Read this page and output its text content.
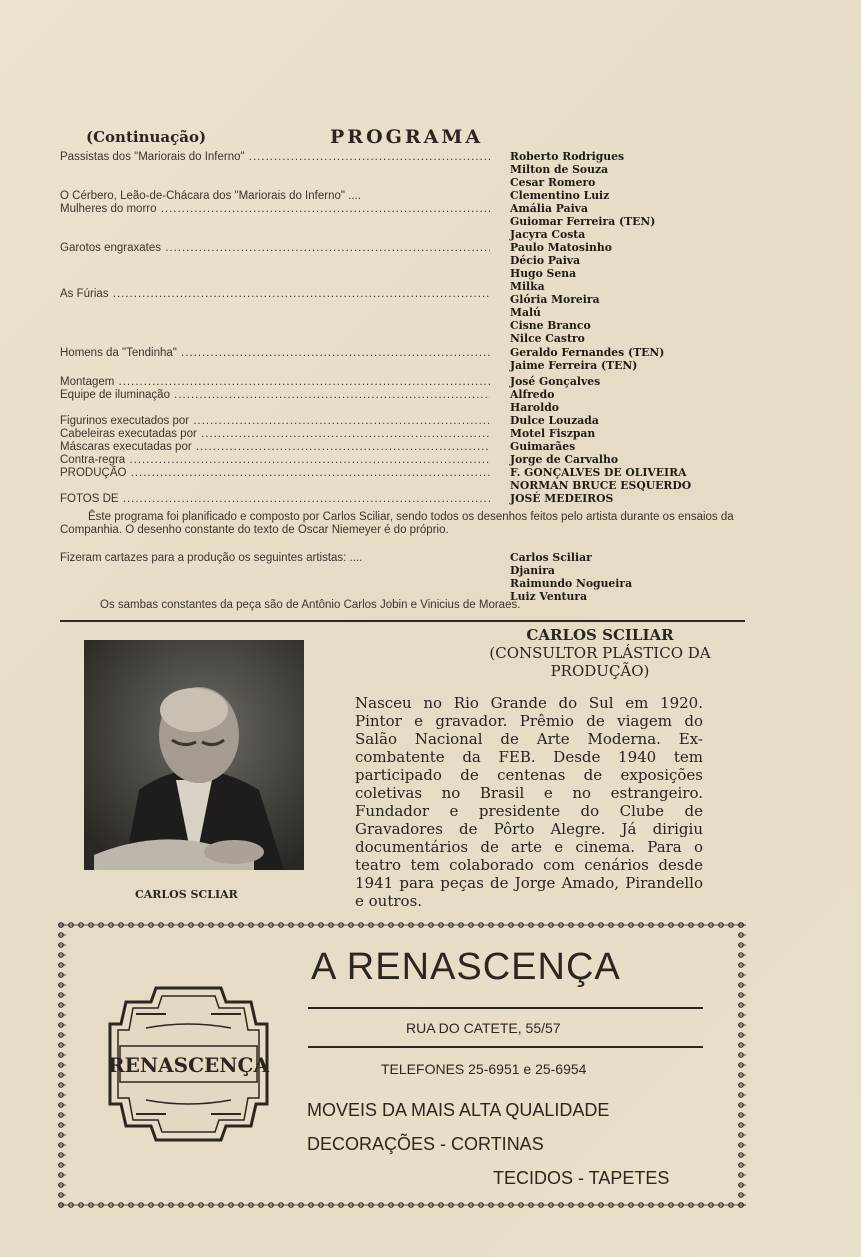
(Continuação)	PROGRAMA
Passistas dos "Mariorais do Inferno" .....	Roberto Rodrigues
Milton de Souza
Cesar Romero
O Cérbero, Leão-de-Chácara dos "Mariorais do Inferno" ....	Clementino Luiz
Mulheres do morro .....	Amália Paiva
Guiomar Ferreira (TEN)
Jacyra Costa
Garotos engraxates .....	Paulo Matosinho
Décio Paiva
Hugo Sena
Milka
As Fúrias .....	Glória Moreira
Malú
Cisne Branco
Nilce Castro
Homens da "Tendinha" .....	Geraldo Fernandes (TEN)
Jaime Ferreira (TEN)
Montagem .....	José Gonçalves
Equipe de iluminação .....	Alfredo
Haroldo
Figurinos executados por .....	Dulce Louzada
Cabeleiras executadas por .....	Motel Fiszpan
Máscaras executadas por .....	Guimarães
Contra-regra .....	Jorge de Carvalho
PRODUÇÃO .....	F. GONÇALVES DE OLIVEIRA
NORMAN BRUCE ESQUERDO
FOTOS DE .....	JOSÉ MEDEIROS
Êste programa foi planificado e composto por Carlos Sciliar, sendo todos os desenhos feitos pelo artista durante os ensaios da Companhia. O desenho constante do texto de Oscar Niemeyer é do próprio.
Fizeram cartazes para a produção os seguintes artistas: ....	Carlos Sciliar
Djanira
Raimundo Nogueira
Luiz Ventura
Os sambas constantes da peça são de Antônio Carlos Jobin e Vinicius de Moraes.
CARLOS SCLIAR
CARLOS SCILIAR
(CONSULTOR PLÁSTICO DA
PRODUÇÃO)
Nasceu no Rio Grande do Sul em 1920. Pintor e gravador. Prêmio de viagem do Salão Nacional de Arte Moderna. Ex-combatente da FEB. Desde 1940 tem participado de centenas de exposições coletivas no Brasil e no estrangeiro. Fundador e presidente do Clube de Gravadores de Pôrto Alegre. Já dirigiu documentários de arte e cinema. Para o teatro tem colaborado com cenários desde 1941 para peças de Jorge Amado, Pirandello e outros.
RENASCENÇA
A RENASCENÇA
RUA DO CATETE, 55/57
TELEFONES 25-6951 e 25-6954
MOVEIS DA MAIS ALTA QUALIDADE
DECORAÇÕES - CORTINAS
TECIDOS - TAPETES
